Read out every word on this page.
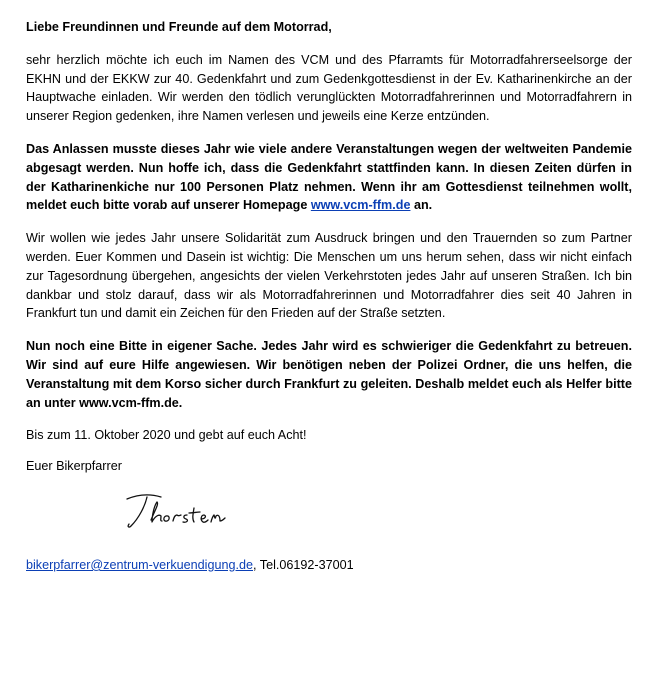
Liebe Freundinnen und Freunde auf dem Motorrad,

sehr herzlich möchte ich euch im Namen des VCM und des Pfarramts für Motorradfahrerseelsorge der EKHN und der EKKW zur 40. Gedenkfahrt und zum Gedenkgottesdienst in der Ev. Katharinenkirche an der Hauptwache einladen. Wir werden den tödlich verunglückten Motorradfahrerinnen und Motorradfahrern in unserer Region gedenken, ihre Namen verlesen und jeweils eine Kerze entzünden.

Das Anlassen musste dieses Jahr wie viele andere Veranstaltungen wegen der weltweiten Pandemie abgesagt werden. Nun hoffe ich, dass die Gedenkfahrt stattfinden kann. In diesen Zeiten dürfen in der Katharinenkiche nur 100 Personen Platz nehmen. Wenn ihr am Gottesdienst teilnehmen wollt, meldet euch bitte vorab auf unserer Homepage www.vcm-ffm.de an.

Wir wollen wie jedes Jahr unsere Solidarität zum Ausdruck bringen und den Trauernden so zum Partner werden. Euer Kommen und Dasein ist wichtig: Die Menschen um uns herum sehen, dass wir nicht einfach zur Tagesordnung übergehen, angesichts der vielen Verkehrstoten jedes Jahr auf unseren Straßen. Ich bin dankbar und stolz darauf, dass wir als Motorradfahrerinnen und Motorradfahrer dies seit 40 Jahren in Frankfurt tun und damit ein Zeichen für den Frieden auf der Straße setzten.

Nun noch eine Bitte in eigener Sache. Jedes Jahr wird es schwieriger die Gedenkfahrt zu betreuen. Wir sind auf eure Hilfe angewiesen. Wir benötigen neben der Polizei Ordner, die uns helfen, die Veranstaltung mit dem Korso sicher durch Frankfurt zu geleiten. Deshalb meldet euch als Helfer bitte an unter www.vcm-ffm.de.

Bis zum 11. Oktober 2020 und gebt auf euch Acht!

Euer Bikerpfarrer

bikerpfarrer@zentrum-verkuendigung.de, Tel.06192-37001
